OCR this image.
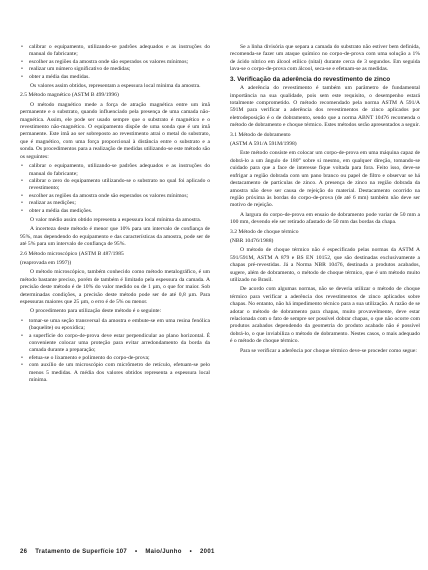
• calibrar o equipamento, utilizando-se padrões adequados e as instruções do manual do fabricante;
• escolher as regiões da amostra onde são esperados os valores mínimos;
• realizar um número significativo de medidas;
• obter a média das medidas.

Os valores assim obtidos, representam a espessura local mínima da amostra.

2.5 Método magnético (ASTM B 499/1996)

O método magnético mede a força de atração magnética entre um imã permanente e o substrato, quando influenciado pela presença de uma camada não-magnética. Assim, ele pode ser usado sempre que o substrato é magnético e o revestimento não-magnético. O equipamento dispõe de uma sonda que é um imã permanente. Este imã ao ser sobreposto ao revestimento atrai o metal do substrato, que é magnético, com uma força proporcional à distância entre o substrato e a sonda. Os procedimentos para a realização de medidas utilizando-se este método são os seguintes:

• calibrar o equipamento, utilizando-se padrões adequados e as instruções do manual do fabricante;
• calibrar o zero do equipamento utilizando-se o substrato no qual foi aplicado o revestimento;
• escolher as regiões da amostra onde são esperados os valores mínimos;
• realizar as medições;
• obter a média das medições.

O valor médio assim obtido representa a espessura local mínima da amostra.

A incerteza deste método é menor que 10% para um intervalo de confiança de 95%, mas dependendo do equipamento e das características da amostra, pode ser de até 5% para um intervalo de confiança de 95%.

2.6 Método microscópico (ASTM B 487/1985

(reaprovada em 1997))

O método microscópico, também conhecido como método metalográfico, é um método bastante preciso, porém de também é limitado pela espessura da camada. A precisão deste método é de 10% do valor medido ou de 1 µm, o que for maior. Sob determinadas condições, a precisão deste método pode ser de até 0,8 µm. Para espessuras maiores que 25 µm, o erro é de 5% ou menor.

O procedimento para utilização deste método é o seguinte:

• tomar-se uma seção transversal da amostra e embute-se em uma resina fenólica (baquelite) ou epoxídica;
• a superfície do corpo-de-prova deve estar perpendicular ao plano horizontal. É conveniente colocar uma proteção para evitar arredondamento da borda da camada durante a preparação;
• efetua-se o lixamento e polimento do corpo-de-prova;
• com auxílio de um microscópio com micrômetro de retículo, efetuam-se pelo menos 5 medidas. A média dos valores obtidos representa a espessura local mínima.

Se a linha divisória que separa a camada do substrato não estiver bem definida, recomenda-se fazer um ataque químico no corpo-de-prova com uma solução a 1% de ácido nítrico em álcool etílico (nital) durante cerca de 3 segundos. Em seguida lava-se o corpo-de-prova com álcool, seca-se e efetuam-se as medidas.

3. Verificação da aderência do revestimento de zinco

A aderência do revestimento é também um parâmetro de fundamental importância na sua qualidade, pois sem este requisito, o desempenho estará totalmente comprometido. O método recomendado pela norma ASTM A 591/A 591M para verificar a aderência dos revestimentos de zinco aplicados por eletrodeposição é o de dobramento, sendo que a norma ABNT 10476 recomenda o método de dobramento e choque térmico. Estes métodos serão apresentados a seguir.

3.1 Método de dobramento

(ASTM A 591/A 591M/1998)

Este método consiste em colocar um corpo-de-prova em uma máquina capaz de dobrá-lo a um ângulo de 180° sobre si mesmo, em qualquer direção, tomando-se cuidado para que a face de interesse fique voltada para fora. Feito isso, deve-se enfrigar a região dobrada com um pano branco ou papel de filtro e observar se há destacamento de partículas de zinco. A presença de zinco na região dobrada da amostra não deve ser causa de rejeição do material. Destacamento ocorrido na região próxima às bordas do corpo-de-prova (de até 6 mm) também não deve ser motivo de rejeição.

A largura do corpo-de-prova em ensaio de dobramento pode variar de 50 mm a 100 mm, devendo ele ser retirado afastado de 50 mm das bordas da chapa.

3.2 Método de choque térmico

(NBR 10476/1988)

O método de choque térmico não é especificado pelas normas da ASTM A 591/591M, ASTM A 879 e BS EN 10152, que são destinadas exclusivamente a chapas pré-revestidas. Já a Norma NBR 10476, destinada a produtos acabados, sugere, além de dobramento, o método de choque térmico, que é um método muito utilizado no Brasil.

De acordo com algumas normas, não se deveria utilizar o método de choque térmico para verificar a aderência dos revestimentos de zinco aplicados sobre chapas. No entanto, não há impedimento técnico para a sua utilização. A razão de se adotar o método de dobramento para chapas, muito provavelmente, deve estar relacionada com o fato de sempre ser possível dobrar chapas, o que não ocorre com produtos acabados dependendo da geometria do produto acabado não é possível dobrá-lo, o que inviabiliza o método de dobramento. Nestes casos, o mais adequado é o método de choque térmico.

Para se verificar a aderência por choque térmico deve-se proceder como segue:

26 Tratamento de Superfície 107 • Maio/Junho • 2001
